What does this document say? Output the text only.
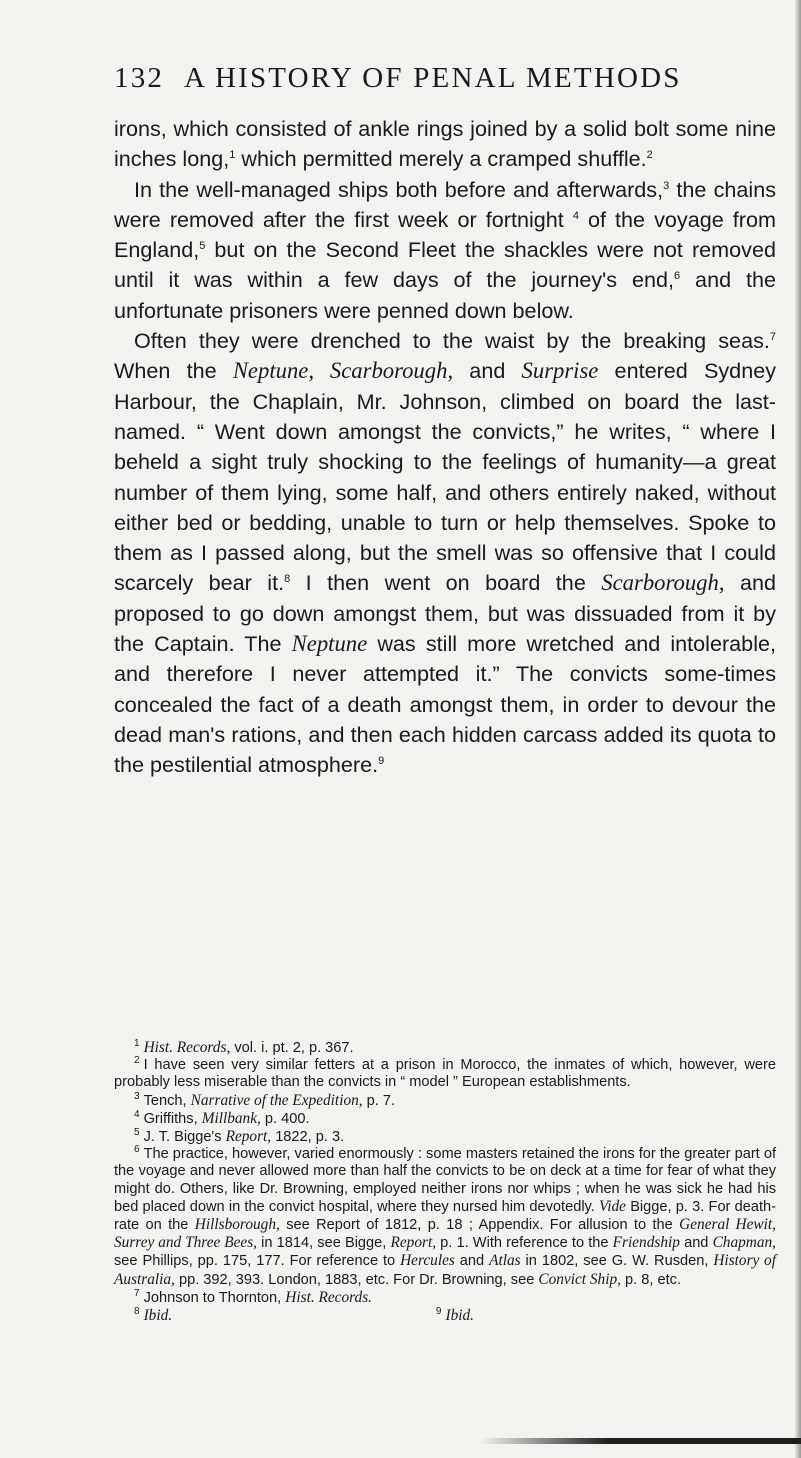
132 A HISTORY OF PENAL METHODS

irons, which consisted of ankle rings joined by a solid bolt some nine inches long,$^1$ which permitted merely a cramped shuffle.$^2$

In the well-managed ships both before and afterwards,$^3$ the chains were removed after the first week or fortnight $^4$ of the voyage from England,$^5$ but on the Second Fleet the shackles were not removed until it was within a few days of the journey's end,$^6$ and the unfortunate prisoners were penned down below.

Often they were drenched to the waist by the breaking seas.$^7$ When the Neptune, Scarborough, and Surprise entered Sydney Harbour, the Chaplain, Mr. Johnson, climbed on board the last-named. “ Went down amongst the convicts,” he writes, “ where I beheld a sight truly shocking to the feelings of humanity—a great number of them lying, some half, and others entirely naked, without either bed or bedding, unable to turn or help themselves. Spoke to them as I passed along, but the smell was so offensive that I could scarcely bear it.$^8$ I then went on board the Scarborough, and proposed to go down amongst them, but was dissuaded from it by the Captain. The Neptune was still more wretched and intolerable, and therefore I never attempted it.” The convicts some-times concealed the fact of a death amongst them, in order to devour the dead man's rations, and then each hidden carcass added its quota to the pestilential atmosphere.$^9$

$^1$ Hist. Records, vol. i. pt. 2, p. 367.

$^2$ I have seen very similar fetters at a prison in Morocco, the inmates of which, however, were probably less miserable than the convicts in “ model ” European establishments.

$^3$ Tench, Narrative of the Expedition, p. 7.

$^4$ Griffiths, Millbank, p. 400.

$^5$ J. T. Bigge's Report, 1822, p. 3.

$^6$ The practice, however, varied enormously : some masters retained the irons for the greater part of the voyage and never allowed more than half the convicts to be on deck at a time for fear of what they might do. Others, like Dr. Browning, employed neither irons nor whips ; when he was sick he had his bed placed down in the convict hospital, where they nursed him devotedly. Vide Bigge, p. 3. For death-rate on the Hillsborough, see Report of 1812, p. 18 ; Appendix. For allusion to the General Hewit, Surrey and Three Bees, in 1814, see Bigge, Report, p. 1. With reference to the Friendship and Chapman, see Phillips, pp. 175, 177. For reference to Hercules and Atlas in 1802, see G. W. Rusden, History of Australia, pp. 392, 393. London, 1883, etc. For Dr. Browning, see Convict Ship, p. 8, etc.

$^7$ Johnson to Thornton, Hist. Records.

$^8$ Ibid.	$^9$ Ibid.
